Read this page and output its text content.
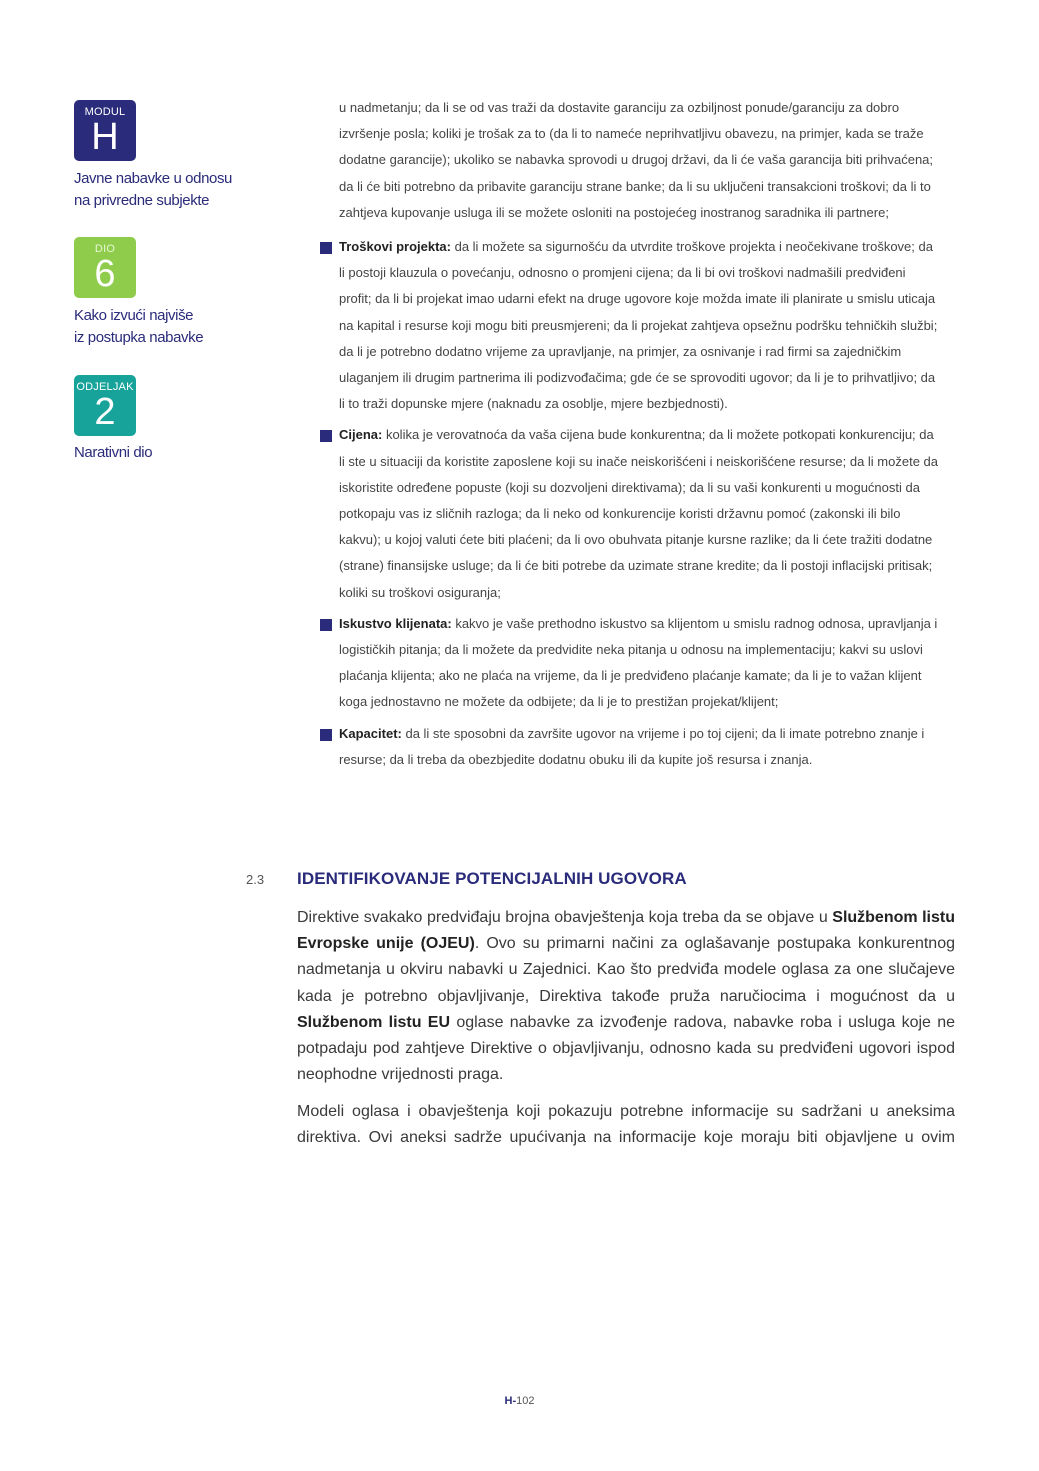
MODUL
H
Javne nabavke u odnosu
na privredne subjekte
DIO
6
Kako izvući najviše
iz postupka nabavke
ODJELJAK
2
Narativni dio

u nadmetanju; da li se od vas traži da dostavite garanciju za ozbiljnost ponude/garanciju za dobro izvršenje posla; koliki je trošak za to (da li to nameće neprihvatljivu obavezu, na primjer, kada se traže dodatne garancije); ukoliko se nabavka sprovodi u drugoj državi, da li će vaša garancija biti prihvaćena; da li će biti potrebno da pribavite garanciju strane banke; da li su uključeni transakcioni troškovi; da li to zahtjeva kupovanje usluga ili se možete osloniti na postojećeg inostranog saradnika ili partnere;

Troškovi projekta: da li možete sa sigurnošću da utvrdite troškove projekta i neočekivane troškove; da li postoji klauzula o povećanju, odnosno o promjeni cijena; da li bi ovi troškovi nadmašili predviđeni profit; da li bi projekat imao udarni efekt na druge ugovore koje možda imate ili planirate u smislu uticaja na kapital i resurse koji mogu biti preusmjereni; da li projekat zahtjeva opsežnu podršku tehničkih službi; da li je potrebno dodatno vrijeme za upravljanje, na primjer, za osnivanje i rad firmi sa zajedničkim ulaganjem ili drugim partnerima ili podizvođačima; gde će se sprovoditi ugovor; da li je to prihvatljivo; da li to traži dopunske mjere (naknadu za osoblje, mjere bezbjednosti).
Cijena: kolika je verovatnoća da vaša cijena bude konkurentna; da li možete potkopati konkurenciju; da li ste u situaciji da koristite zaposlene koji su inače neiskorišćeni i neiskorišćene resurse; da li možete da iskoristite određene popuste (koji su dozvoljeni direktivama); da li su vaši konkurenti u mogućnosti da potkopaju vas iz sličnih razloga; da li neko od konkurencije koristi državnu pomoć (zakonski ili bilo kakvu); u kojoj valuti ćete biti plaćeni; da li ovo obuhvata pitanje kursne razlike; da li ćete tražiti dodatne (strane) finansijske usluge; da li će biti potrebe da uzimate strane kredite; da li postoji inflacijski pritisak; koliki su troškovi osiguranja;
Iskustvo klijenata: kakvo je vaše prethodno iskustvo sa klijentom u smislu radnog odnosa, upravljanja i logističkih pitanja; da li možete da predvidite neka pitanja u odnosu na implementaciju; kakvi su uslovi plaćanja klijenta; ako ne plaća na vrijeme, da li je predviđeno plaćanje kamate; da li je to važan klijent koga jednostavno ne možete da odbijete; da li je to prestižan projekat/klijent;
Kapacitet: da li ste sposobni da završite ugovor na vrijeme i po toj cijeni; da li imate potrebno znanje i resurse; da li treba da obezbjedite dodatnu obuku ili da kupite još resursa i znanja.
2.3 IDENTIFIKOVANJE POTENCIJALNIH UGOVORA
Direktive svakako predviđaju brojna obavještenja koja treba da se objave u Službenom listu Evropske unije (OJEU). Ovo su primarni načini za oglašavanje postupaka konkurentnog nadmetanja u okviru nabavki u Zajednici. Kao što predviđa modele oglasa za one slučajeve kada je potrebno objavljivanje, Direktiva takođe pruža naručiocima i mogućnost da u Službenom listu EU oglase nabavke za izvođenje radova, nabavke roba i usluga koje ne potpadaju pod zahtjeve Direktive o objavljivanju, odnosno kada su predviđeni ugovori ispod neophodne vrijednosti praga.
Modeli oglasa i obavještenja koji pokazuju potrebne informacije su sadržani u aneksima direktiva. Ovi aneksi sadrže upućivanja na informacije koje moraju biti objavljene u ovim
H-102
